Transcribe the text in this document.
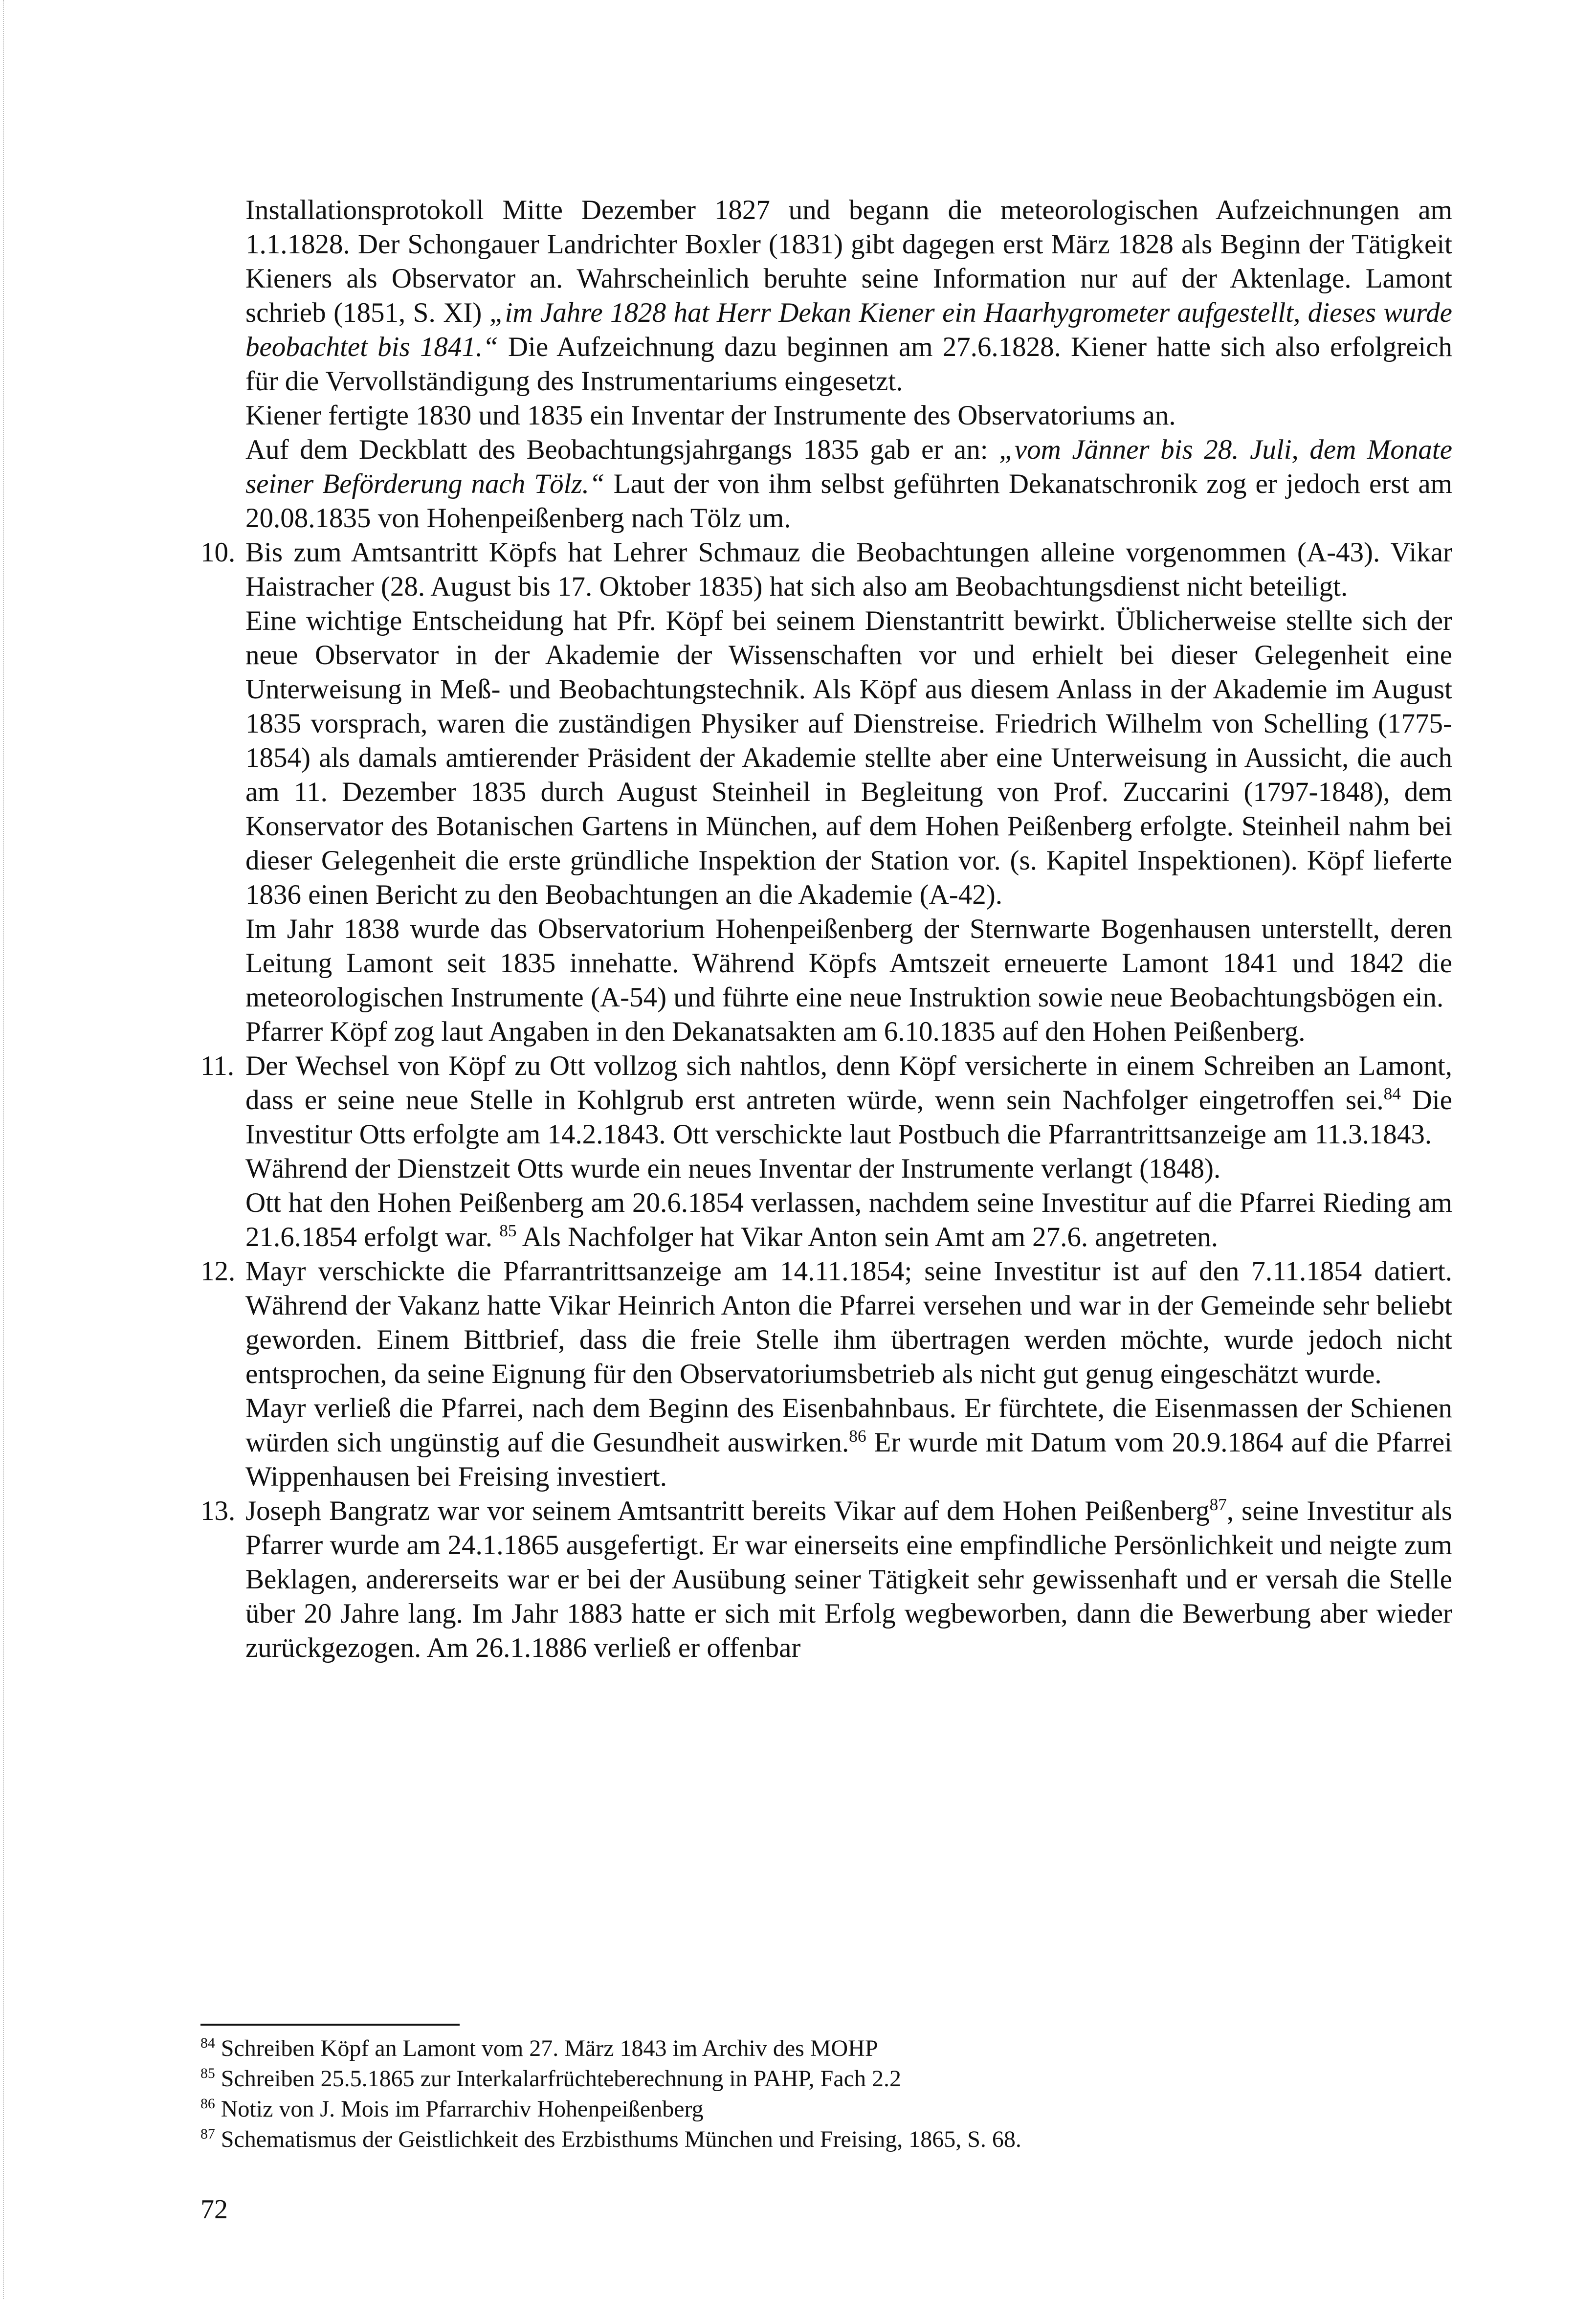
Installationsprotokoll Mitte Dezember 1827 und begann die meteorologischen Aufzeichnungen am 1.1.1828. Der Schongauer Landrichter Boxler (1831) gibt dagegen erst März 1828 als Beginn der Tätigkeit Kieners als Observator an. Wahrscheinlich beruhte seine Information nur auf der Aktenlage. Lamont schrieb (1851, S. XI) „im Jahre 1828 hat Herr Dekan Kiener ein Haarhygrometer aufgestellt, dieses wurde beobachtet bis 1841.“ Die Aufzeichnung dazu beginnen am 27.6.1828. Kiener hatte sich also erfolgreich für die Vervollständigung des Instrumentariums eingesetzt.

Kiener fertigte 1830 und 1835 ein Inventar der Instrumente des Observatoriums an.

Auf dem Deckblatt des Beobachtungsjahrgangs 1835 gab er an: „vom Jänner bis 28. Juli, dem Monate seiner Beförderung nach Tölz.“ Laut der von ihm selbst geführten Dekanatschronik zog er jedoch erst am 20.08.1835 von Hohenpeißenberg nach Tölz um.

10. Bis zum Amtsantritt Köpfs hat Lehrer Schmauz die Beobachtungen alleine vorgenommen (A-43). Vikar Haistracher (28. August bis 17. Oktober 1835) hat sich also am Beobachtungsdienst nicht beteiligt.

Eine wichtige Entscheidung hat Pfr. Köpf bei seinem Dienstantritt bewirkt. Üblicherweise stellte sich der neue Observator in der Akademie der Wissenschaften vor und erhielt bei dieser Gelegenheit eine Unterweisung in Meß- und Beobachtungstechnik. Als Köpf aus diesem Anlass in der Akademie im August 1835 vorsprach, waren die zuständigen Physiker auf Dienstreise. Friedrich Wilhelm von Schelling (1775-1854) als damals amtierender Präsident der Akademie stellte aber eine Unterweisung in Aussicht, die auch am 11. Dezember 1835 durch August Steinheil in Begleitung von Prof. Zuccarini (1797-1848), dem Konservator des Botanischen Gartens in München, auf dem Hohen Peißenberg erfolgte. Steinheil nahm bei dieser Gelegenheit die erste gründliche Inspektion der Station vor. (s. Kapitel Inspektionen). Köpf lieferte 1836 einen Bericht zu den Beobachtungen an die Akademie (A-42).

Im Jahr 1838 wurde das Observatorium Hohenpeißenberg der Sternwarte Bogenhausen unterstellt, deren Leitung Lamont seit 1835 innehatte. Während Köpfs Amtszeit erneuerte Lamont 1841 und 1842 die meteorologischen Instrumente (A-54) und führte eine neue Instruktion sowie neue Beobachtungsbögen ein.

Pfarrer Köpf zog laut Angaben in den Dekanatsakten am 6.10.1835 auf den Hohen Peißenberg.

11. Der Wechsel von Köpf zu Ott vollzog sich nahtlos, denn Köpf versicherte in einem Schreiben an Lamont, dass er seine neue Stelle in Kohlgrub erst antreten würde, wenn sein Nachfolger eingetroffen sei.$^{84}$ Die Investitur Otts erfolgte am 14.2.1843. Ott verschickte laut Postbuch die Pfarrantrittsanzeige am 11.3.1843.

Während der Dienstzeit Otts wurde ein neues Inventar der Instrumente verlangt (1848).

Ott hat den Hohen Peißenberg am 20.6.1854 verlassen, nachdem seine Investitur auf die Pfarrei Rieding am 21.6.1854 erfolgt war. $^{85}$ Als Nachfolger hat Vikar Anton sein Amt am 27.6. angetreten.

12. Mayr verschickte die Pfarrantrittsanzeige am 14.11.1854; seine Investitur ist auf den 7.11.1854 datiert. Während der Vakanz hatte Vikar Heinrich Anton die Pfarrei versehen und war in der Gemeinde sehr beliebt geworden. Einem Bittbrief, dass die freie Stelle ihm übertragen werden möchte, wurde jedoch nicht entsprochen, da seine Eignung für den Observatoriumsbetrieb als nicht gut genug eingeschätzt wurde.

Mayr verließ die Pfarrei, nach dem Beginn des Eisenbahnbaus. Er fürchtete, die Eisenmassen der Schienen würden sich ungünstig auf die Gesundheit auswirken.$^{86}$ Er wurde mit Datum vom 20.9.1864 auf die Pfarrei Wippenhausen bei Freising investiert.

13. Joseph Bangratz war vor seinem Amtsantritt bereits Vikar auf dem Hohen Peißenberg$^{87}$, seine Investitur als Pfarrer wurde am 24.1.1865 ausgefertigt. Er war einerseits eine empfindliche Persönlichkeit und neigte zum Beklagen, andererseits war er bei der Ausübung seiner Tätigkeit sehr gewissenhaft und er versah die Stelle über 20 Jahre lang. Im Jahr 1883 hatte er sich mit Erfolg wegbeworben, dann die Bewerbung aber wieder zurückgezogen. Am 26.1.1886 verließ er offenbar

$^{84}$ Schreiben Köpf an Lamont vom 27. März 1843 im Archiv des MOHP

$^{85}$ Schreiben 25.5.1865 zur Interkalarfrüchteberechnung in PAHP, Fach 2.2

$^{86}$ Notiz von J. Mois im Pfarrarchiv Hohenpeißenberg

$^{87}$ Schematismus der Geistlichkeit des Erzbisthums München und Freising, 1865, S. 68.

72
